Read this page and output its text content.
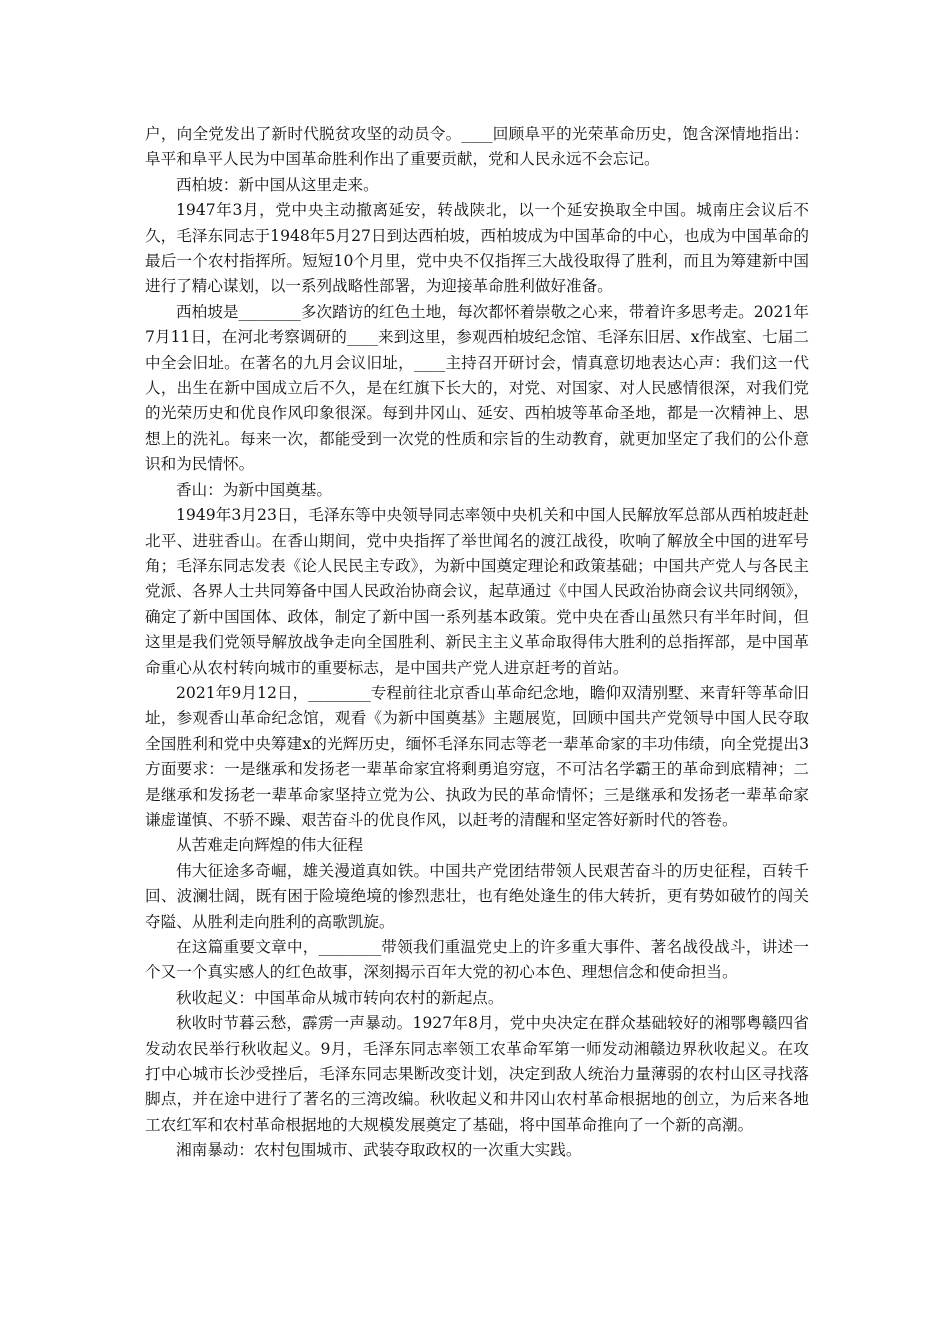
户，向全党发出了新时代脱贫攻坚的动员令。____回顾阜平的光荣革命历史，饱含深情地指出：阜平和阜平人民为中国革命胜利作出了重要贡献，党和人民永远不会忘记。

西柏坡：新中国从这里走来。

1947年3月，党中央主动撤离延安，转战陕北，以一个延安换取全中国。城南庄会议后不久，毛泽东同志于1948年5月27日到达西柏坡，西柏坡成为中国革命的中心，也成为中国革命的最后一个农村指挥所。短短10个月里，党中央不仅指挥三大战役取得了胜利，而且为筹建新中国进行了精心谋划，以一系列战略性部署，为迎接革命胜利做好准备。

西柏坡是________多次踏访的红色土地，每次都怀着崇敬之心来，带着许多思考走。2021年7月11日，在河北考察调研的____来到这里，参观西柏坡纪念馆、毛泽东旧居、x作战室、七届二中全会旧址。在著名的九月会议旧址，____主持召开研讨会，情真意切地表达心声：我们这一代人，出生在新中国成立后不久，是在红旗下长大的，对党、对国家、对人民感情很深，对我们党的光荣历史和优良作风印象很深。每到井冈山、延安、西柏坡等革命圣地，都是一次精神上、思想上的洗礼。每来一次，都能受到一次党的性质和宗旨的生动教育，就更加坚定了我们的公仆意识和为民情怀。

香山：为新中国奠基。

1949年3月23日，毛泽东等中央领导同志率领中央机关和中国人民解放军总部从西柏坡赶赴北平、进驻香山。在香山期间，党中央指挥了举世闻名的渡江战役，吹响了解放全中国的进军号角；毛泽东同志发表《论人民民主专政》，为新中国奠定理论和政策基础；中国共产党人与各民主党派、各界人士共同筹备中国人民政治协商会议，起草通过《中国人民政治协商会议共同纲领》，确定了新中国国体、政体，制定了新中国一系列基本政策。党中央在香山虽然只有半年时间，但这里是我们党领导解放战争走向全国胜利、新民主主义革命取得伟大胜利的总指挥部，是中国革命重心从农村转向城市的重要标志，是中国共产党人进京赶考的首站。

2021年9月12日，________专程前往北京香山革命纪念地，瞻仰双清别墅、来青轩等革命旧址，参观香山革命纪念馆，观看《为新中国奠基》主题展览，回顾中国共产党领导中国人民夺取全国胜利和党中央筹建x的光辉历史，缅怀毛泽东同志等老一辈革命家的丰功伟绩，向全党提出3方面要求：一是继承和发扬老一辈革命家宜将剩勇追穷寇，不可沽名学霸王的革命到底精神；二是继承和发扬老一辈革命家坚持立党为公、执政为民的革命情怀；三是继承和发扬老一辈革命家谦虚谨慎、不骄不躁、艰苦奋斗的优良作风，以赶考的清醒和坚定答好新时代的答卷。

从苦难走向辉煌的伟大征程

伟大征途多奇崛，雄关漫道真如铁。中国共产党团结带领人民艰苦奋斗的历史征程，百转千回、波澜壮阔，既有困于险境绝境的惨烈悲壮，也有绝处逢生的伟大转折，更有势如破竹的闯关夺隘、从胜利走向胜利的高歌凯旋。

在这篇重要文章中，________带领我们重温党史上的许多重大事件、著名战役战斗，讲述一个又一个真实感人的红色故事，深刻揭示百年大党的初心本色、理想信念和使命担当。

秋收起义：中国革命从城市转向农村的新起点。

秋收时节暮云愁，霹雳一声暴动。1927年8月，党中央决定在群众基础较好的湘鄂粤赣四省发动农民举行秋收起义。9月，毛泽东同志率领工农革命军第一师发动湘赣边界秋收起义。在攻打中心城市长沙受挫后，毛泽东同志果断改变计划，决定到敌人统治力量薄弱的农村山区寻找落脚点，并在途中进行了著名的三湾改编。秋收起义和井冈山农村革命根据地的创立，为后来各地工农红军和农村革命根据地的大规模发展奠定了基础，将中国革命推向了一个新的高潮。

湘南暴动：农村包围城市、武装夺取政权的一次重大实践。
